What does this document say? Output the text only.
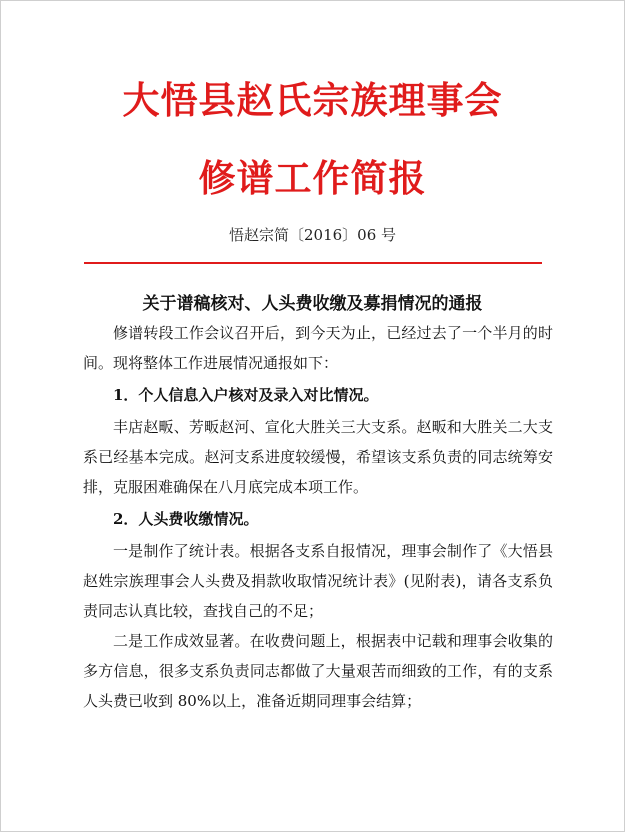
大悟县赵氏宗族理事会
修谱工作简报
悟赵宗简〔2016〕06 号
关于谱稿核对、人头费收缴及募捐情况的通报

修谱转段工作会议召开后，到今天为止，已经过去了一个半月的时间。现将整体工作进展情况通报如下：

1．个人信息入户核对及录入对比情况。

丰店赵畈、芳畈赵河、宣化大胜关三大支系。赵畈和大胜关二大支系已经基本完成。赵河支系进度较缓慢，希望该支系负责的同志统筹安排，克服困难确保在八月底完成本项工作。

2．人头费收缴情况。

一是制作了统计表。根据各支系自报情况，理事会制作了《大悟县赵姓宗族理事会人头费及捐款收取情况统计表》(见附表)，请各支系负责同志认真比较，查找自己的不足；

二是工作成效显著。在收费问题上，根据表中记载和理事会收集的多方信息，很多支系负责同志都做了大量艰苦而细致的工作，有的支系人头费已收到 80%以上，准备近期同理事会结算；
